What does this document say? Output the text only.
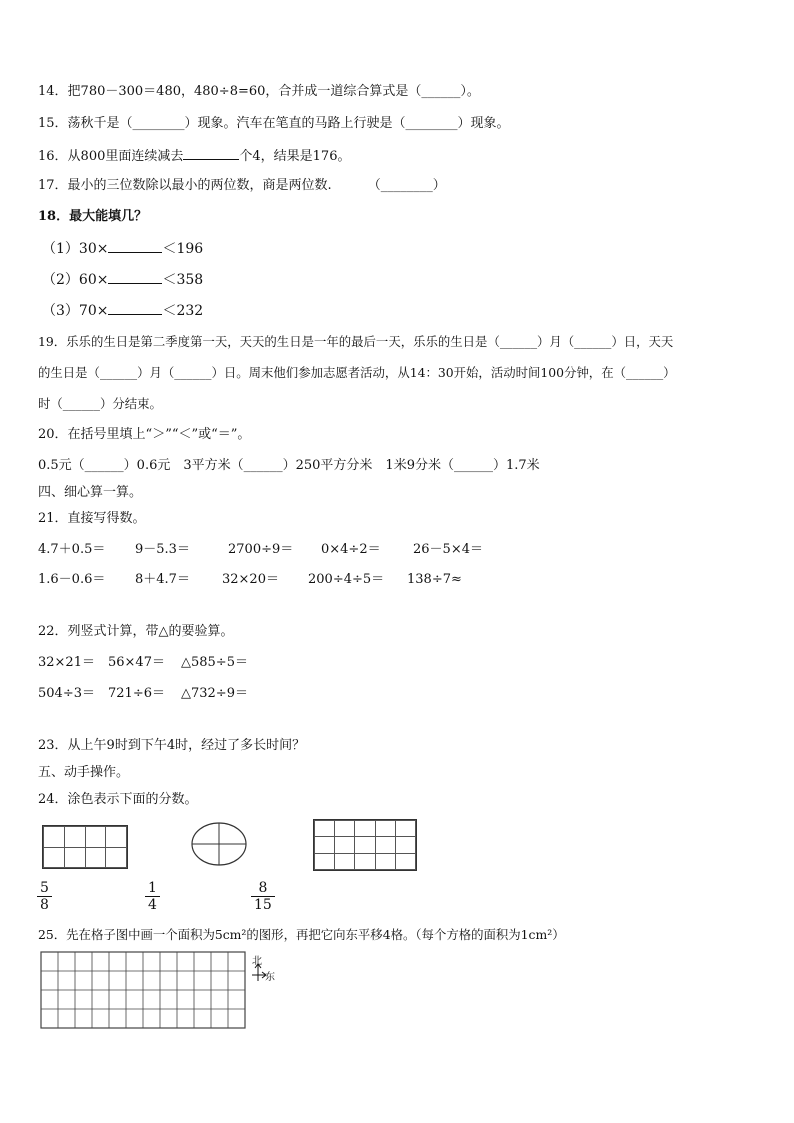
14．把780－300＝480，480÷8=60，合并成一道综合算式是（______）。
15．荡秋千是（________）现象。汽车在笔直的马路上行驶是（________）现象。
16．从800里面连续减去	个4，结果是176。
17．最小的三位数除以最小的两位数，商是两位数.	（________）
18．最大能填几？
（1）30×	＜196
（2）60×	＜358
（3）70×	＜232
19．乐乐的生日是第二季度第一天，天天的生日是一年的最后一天，乐乐的生日是（______）月（______）日，天天
的生日是（______）月（______）日。周末他们参加志愿者活动，从14：30开始，活动时间100分钟，在（______）
时（______）分结束。
20．在括号里填上“＞”“＜”或“＝”。
0.5元（______）0.6元　3平方米（______）250平方分米　1米9分米（______）1.7米
四、细心算一算。
21．直接写得数。
4.7＋0.5＝ 9－5.3＝	2700÷9＝ 0×4÷2＝ 26－5×4＝
1.6－0.6＝ 8＋4.7＝ 32×20＝ 200÷4÷5＝ 138÷7≈
22．列竖式计算，带△的要验算。
32×21＝ 56×47＝ △585÷5＝
504÷3＝ 721÷6＝ △732÷9＝
23．从上午9时到下午4时，经过了多长时间？
五、动手操作。
24．涂色表示下面的分数。

$\frac{5}{8}$	$\frac{1}{4}$	$\frac{8}{15}$
25．先在格子图中画一个面积为5cm²的图形，再把它向东平移4格。（每个方格的面积为1cm²）
北
东
